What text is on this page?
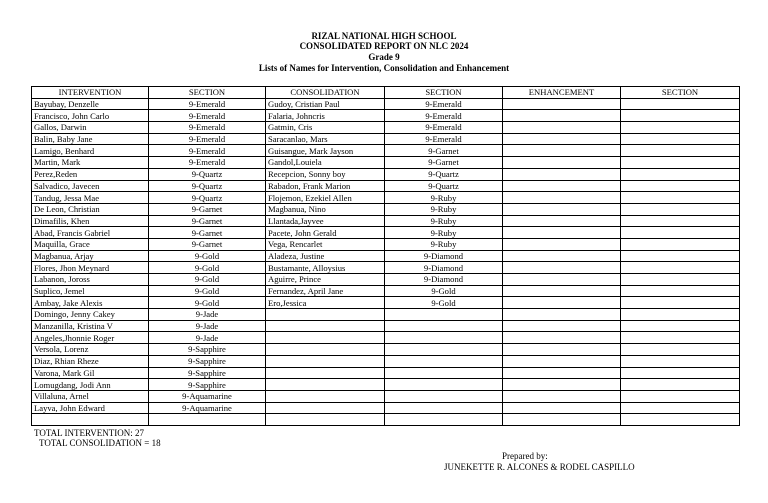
RIZAL NATIONAL HIGH SCHOOL
CONSOLIDATED REPORT ON NLC 2024
Grade 9
Lists of Names for Intervention, Consolidation and Enhancement
INTERVENTION	SECTION	CONSOLIDATION	SECTION	ENHANCEMENT	SECTION
Bayubay, Denzelle	9-Emerald	Gudoy, Cristian Paul	9-Emerald		
Francisco, John Carlo	9-Emerald	Falaria, Johncris	9-Emerald		
Gallos, Darwin	9-Emerald	Gatmin, Cris	9-Emerald		
Balin, Baby Jane	9-Emerald	Saracanlao, Mars	9-Emerald		
Lamigo, Benhard	9-Emerald	Guisangue, Mark Jayson	9-Garnet		
Martin, Mark	9-Emerald	Gandol,Louiela	9-Garnet		
Perez,Reden	9-Quartz	Recepcion, Sonny boy	9-Quartz		
Salvadico, Javecen	9-Quartz	Rabadon, Frank Marion	9-Quartz		
Tandug, Jessa Mae	9-Quartz	Flojemon, Ezekiel Allen	9-Ruby		
De Leon, Christian	9-Garnet	Magbanua, Nino	9-Ruby		
Dimafilis, Khen	9-Garnet	Llantada,Jayvee	9-Ruby		
Abad, Francis Gabriel	9-Garnet	Pacete, John Gerald	9-Ruby		
Maquilla, Grace	9-Garnet	Vega, Rencarlet	9-Ruby		
Magbanua, Arjay	9-Gold	Aladeza, Justine	9-Diamond		
Flores, Jhon Meynard	9-Gold	Bustamante, Alloysius	9-Diamond		
Labanon, Joross	9-Gold	Aguirre, Prince	9-Diamond		
Suplico, Jemel	9-Gold	Fernandez, April Jane	9-Gold		
Ambay, Jake Alexis	9-Gold	Ero,Jessica	9-Gold		
Domingo, Jenny Cakey	9-Jade				
Manzanilla, Kristina V	9-Jade				
Angeles,Jhonnie Roger	9-Jade				
Versola, Lorenz	9-Sapphire				
Diaz, Rhian Rheze	9-Sapphire				
Varona, Mark Gil	9-Sapphire				
Lomugdang, Jodi Ann	9-Sapphire				
Villaluna, Arnel	9-Aquamarine				
Layva, John Edward	9-Aquamarine				

TOTAL INTERVENTION: 27
TOTAL CONSOLIDATION = 18
Prepared by:
JUNEKETTE R. ALCONES & RODEL CASPILLO
